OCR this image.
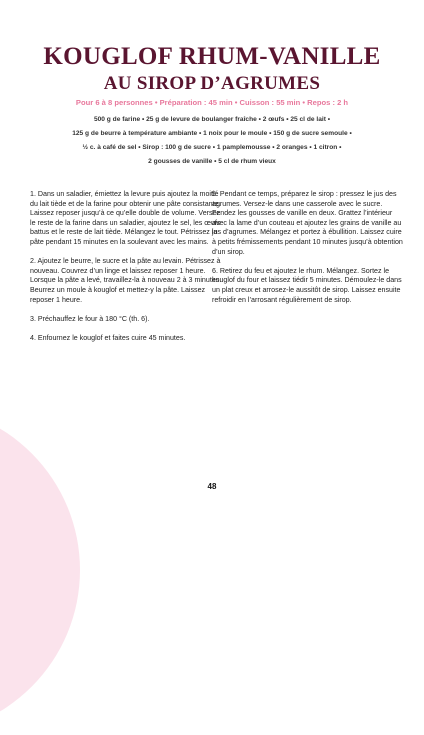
KOUGLOF RHUM-VANILLE
AU SIROP D’AGRUMES
Pour 6 à 8 personnes • Préparation : 45 min • Cuisson : 55 min • Repos : 2 h
500 g de farine • 25 g de levure de boulanger fraîche • 2 œufs • 25 cl de lait •
125 g de beurre à température ambiante • 1 noix pour le moule • 150 g de sucre semoule •
½ c. à café de sel • Sirop : 100 g de sucre • 1 pamplemousse • 2 oranges • 1 citron •
2 gousses de vanille • 5 cl de rhum vieux

1. Dans un saladier, émiettez la levure puis ajoutez la moitié du lait tiède et de la farine pour obtenir une pâte consistante. Laissez reposer jusqu’à ce qu’elle double de volume. Versez le reste de la farine dans un saladier, ajoutez le sel, les œufs battus et le reste de lait tiède. Mélangez le tout. Pétrissez la pâte pendant 15 minutes en la soulevant avec les mains.

2. Ajoutez le beurre, le sucre et la pâte au levain. Pétrissez à nouveau. Couvrez d’un linge et laissez reposer 1 heure. Lorsque la pâte a levé, travaillez-la à nouveau 2 à 3 minutes. Beurrez un moule à kouglof et mettez-y la pâte. Laissez reposer 1 heure.

3. Préchauffez le four à 180 °C (th. 6).

4. Enfournez le kouglof et faites cuire 45 minutes.

5. Pendant ce temps, préparez le sirop : pressez le jus des agrumes. Versez-le dans une casserole avec le sucre. Fendez les gousses de vanille en deux. Grattez l’intérieur avec la lame d’un couteau et ajoutez les grains de vanille au jus d’agrumes. Mélangez et portez à ébullition. Laissez cuire à petits frémissements pendant 10 minutes jusqu’à obtention d’un sirop.

6. Retirez du feu et ajoutez le rhum. Mélangez. Sortez le kouglof du four et laissez tiédir 5 minutes. Démoulez-le dans un plat creux et arrosez-le aussitôt de sirop. Laissez ensuite refroidir en l’arrosant régulièrement de sirop.

48
